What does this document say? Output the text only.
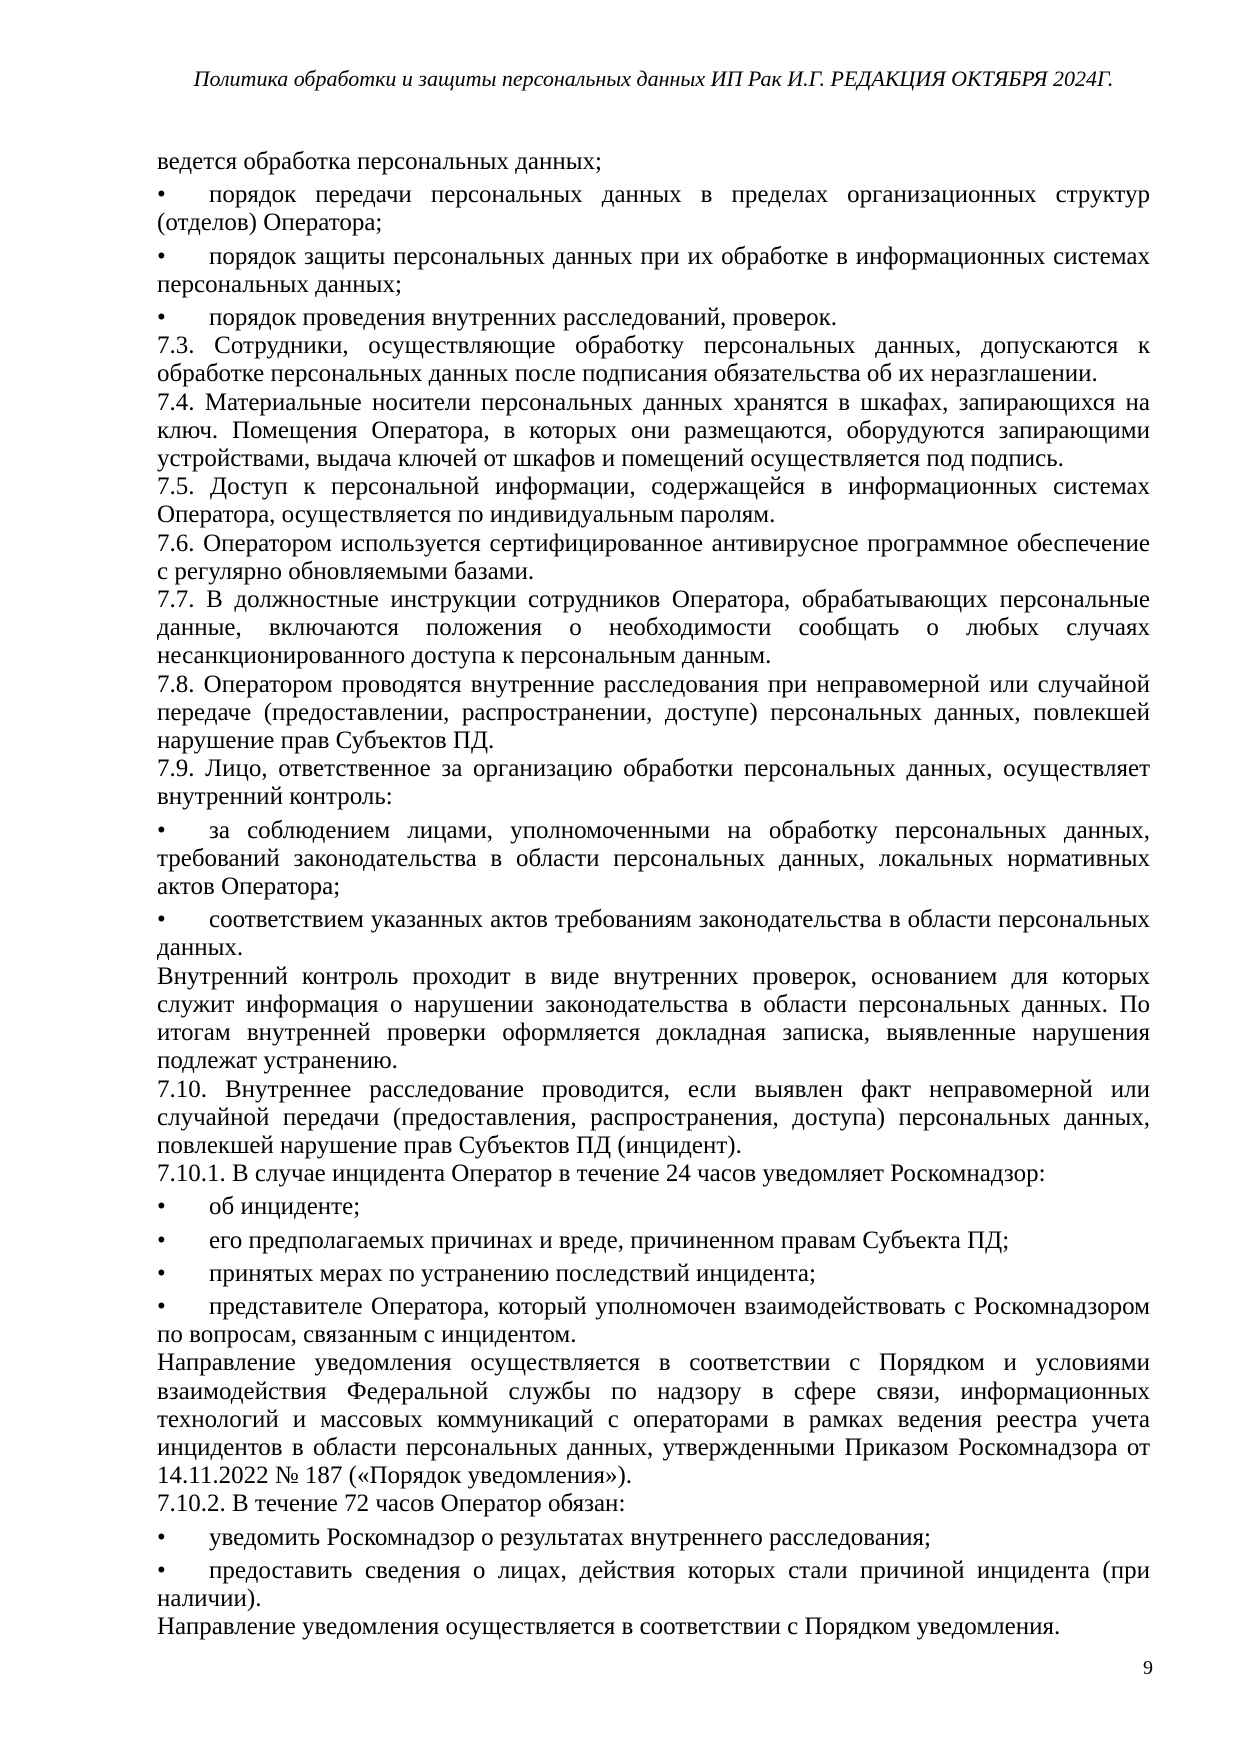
Политика обработки и защиты персональных данных ИП Рак И.Г. РЕДАКЦИЯ ОКТЯБРЯ 2024Г.

ведется обработка персональных данных;

• порядок передачи персональных данных в пределах организационных структур (отделов) Оператора;

• порядок защиты персональных данных при их обработке в информационных системах персональных данных;

• порядок проведения внутренних расследований, проверок.

7.3. Сотрудники, осуществляющие обработку персональных данных, допускаются к обработке персональных данных после подписания обязательства об их неразглашении.

7.4. Материальные носители персональных данных хранятся в шкафах, запирающихся на ключ. Помещения Оператора, в которых они размещаются, оборудуются запирающими устройствами, выдача ключей от шкафов и помещений осуществляется под подпись.

7.5. Доступ к персональной информации, содержащейся в информационных системах Оператора, осуществляется по индивидуальным паролям.

7.6. Оператором используется сертифицированное антивирусное программное обеспечение с регулярно обновляемыми базами.

7.7. В должностные инструкции сотрудников Оператора, обрабатывающих персональные данные, включаются положения о необходимости сообщать о любых случаях несанкционированного доступа к персональным данным.

7.8. Оператором проводятся внутренние расследования при неправомерной или случайной передаче (предоставлении, распространении, доступе) персональных данных, повлекшей нарушение прав Субъектов ПД.

7.9. Лицо, ответственное за организацию обработки персональных данных, осуществляет внутренний контроль:

• за соблюдением лицами, уполномоченными на обработку персональных данных, требований законодательства в области персональных данных, локальных нормативных актов Оператора;

• соответствием указанных актов требованиям законодательства в области персональных данных.

Внутренний контроль проходит в виде внутренних проверок, основанием для которых служит информация о нарушении законодательства в области персональных данных. По итогам внутренней проверки оформляется докладная записка, выявленные нарушения подлежат устранению.

7.10. Внутреннее расследование проводится, если выявлен факт неправомерной или случайной передачи (предоставления, распространения, доступа) персональных данных, повлекшей нарушение прав Субъектов ПД (инцидент).

7.10.1. В случае инцидента Оператор в течение 24 часов уведомляет Роскомнадзор:

• об инциденте;

• его предполагаемых причинах и вреде, причиненном правам Субъекта ПД;

• принятых мерах по устранению последствий инцидента;

• представителе Оператора, который уполномочен взаимодействовать с Роскомнадзором по вопросам, связанным с инцидентом.

Направление уведомления осуществляется в соответствии с Порядком и условиями взаимодействия Федеральной службы по надзору в сфере связи, информационных технологий и массовых коммуникаций с операторами в рамках ведения реестра учета инцидентов в области персональных данных, утвержденными Приказом Роскомнадзора от 14.11.2022 № 187 («Порядок уведомления»).

7.10.2. В течение 72 часов Оператор обязан:

• уведомить Роскомнадзор о результатах внутреннего расследования;

• предоставить сведения о лицах, действия которых стали причиной инцидента (при наличии).

Направление уведомления осуществляется в соответствии с Порядком уведомления.

9
